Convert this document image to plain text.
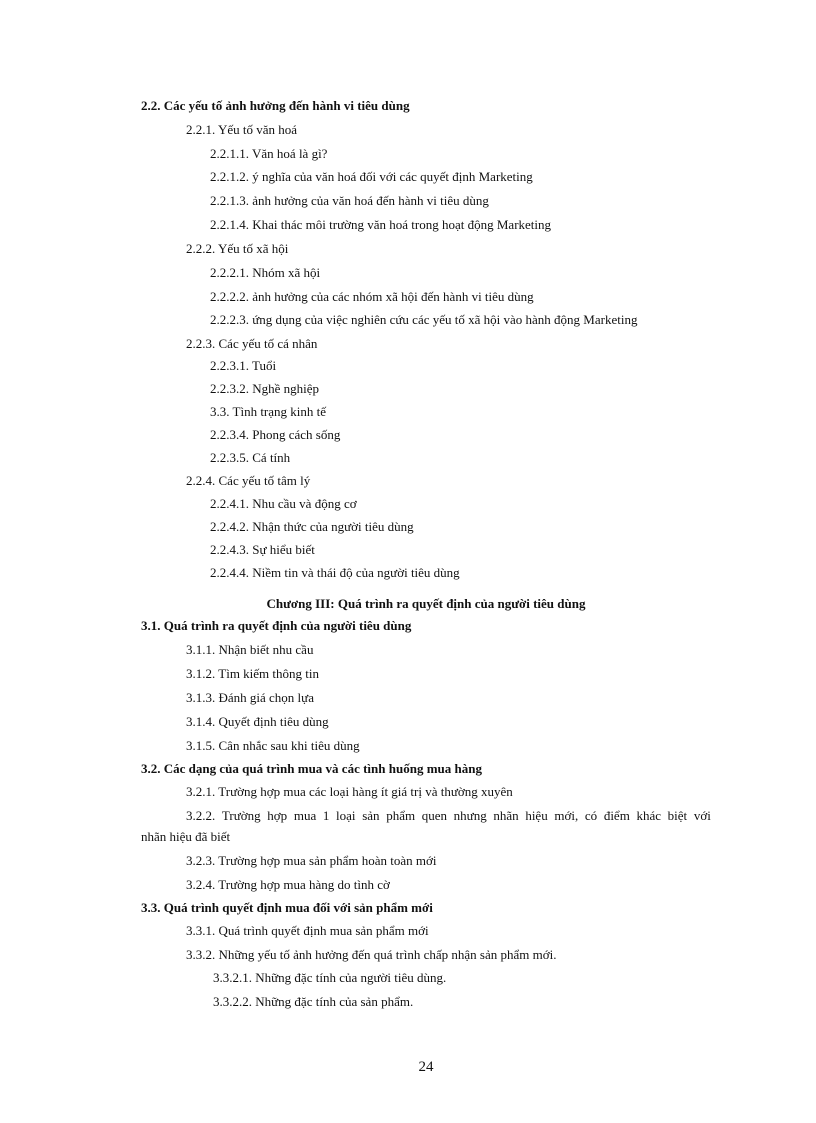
2.2. Các yếu tố ảnh hưởng đến hành vi tiêu dùng
2.2.1. Yếu tố văn hoá
2.2.1.1. Văn hoá là gì?
2.2.1.2. ý nghĩa của văn hoá đối với các quyết định Marketing
2.2.1.3. ảnh hưởng của văn hoá đến hành vi tiêu dùng
2.2.1.4. Khai thác môi trường văn hoá trong hoạt động Marketing
2.2.2. Yếu tố xã hội
2.2.2.1. Nhóm xã hội
2.2.2.2. ảnh hưởng của các nhóm xã hội đến hành vi tiêu dùng
2.2.2.3. ứng dụng của việc nghiên cứu các yếu tố xã hội vào hành động Marketing
2.2.3. Các yếu tố cá nhân
2.2.3.1. Tuổi
2.2.3.2. Nghề nghiệp
3.3. Tình trạng kinh tế
2.2.3.4. Phong cách sống
2.2.3.5. Cá tính
2.2.4. Các yếu tố tâm lý
2.2.4.1. Nhu cầu và động cơ
2.2.4.2. Nhận thức của người tiêu dùng
2.2.4.3. Sự hiểu biết
2.2.4.4. Niềm tin và thái độ của người tiêu dùng
Chương III: Quá trình ra quyết định của người tiêu dùng
3.1. Quá trình ra quyết định của người tiêu dùng
3.1.1. Nhận biết nhu cầu
3.1.2. Tìm kiếm thông tin
3.1.3. Đánh giá chọn lựa
3.1.4. Quyết định tiêu dùng
3.1.5. Cân nhắc sau khi tiêu dùng
3.2. Các dạng của quá trình mua và các tình huống mua hàng
3.2.1. Trường hợp mua các loại hàng ít giá trị và thường xuyên
3.2.2. Trường hợp mua 1 loại sản phẩm quen nhưng nhãn hiệu mới, có điểm khác biệt với
nhãn hiệu đã biết
3.2.3. Trường hợp mua sản phẩm hoàn toàn mới
3.2.4. Trường hợp mua hàng do tình cờ
3.3. Quá trình quyết định mua đối với sản phẩm mới
3.3.1. Quá trình quyết định mua sản phẩm mới
3.3.2. Những yếu tố ảnh hưởng đến quá trình chấp nhận sản phẩm mới.
3.3.2.1. Những đặc tính của người tiêu dùng.
3.3.2.2. Những đặc tính của sản phẩm.
24
